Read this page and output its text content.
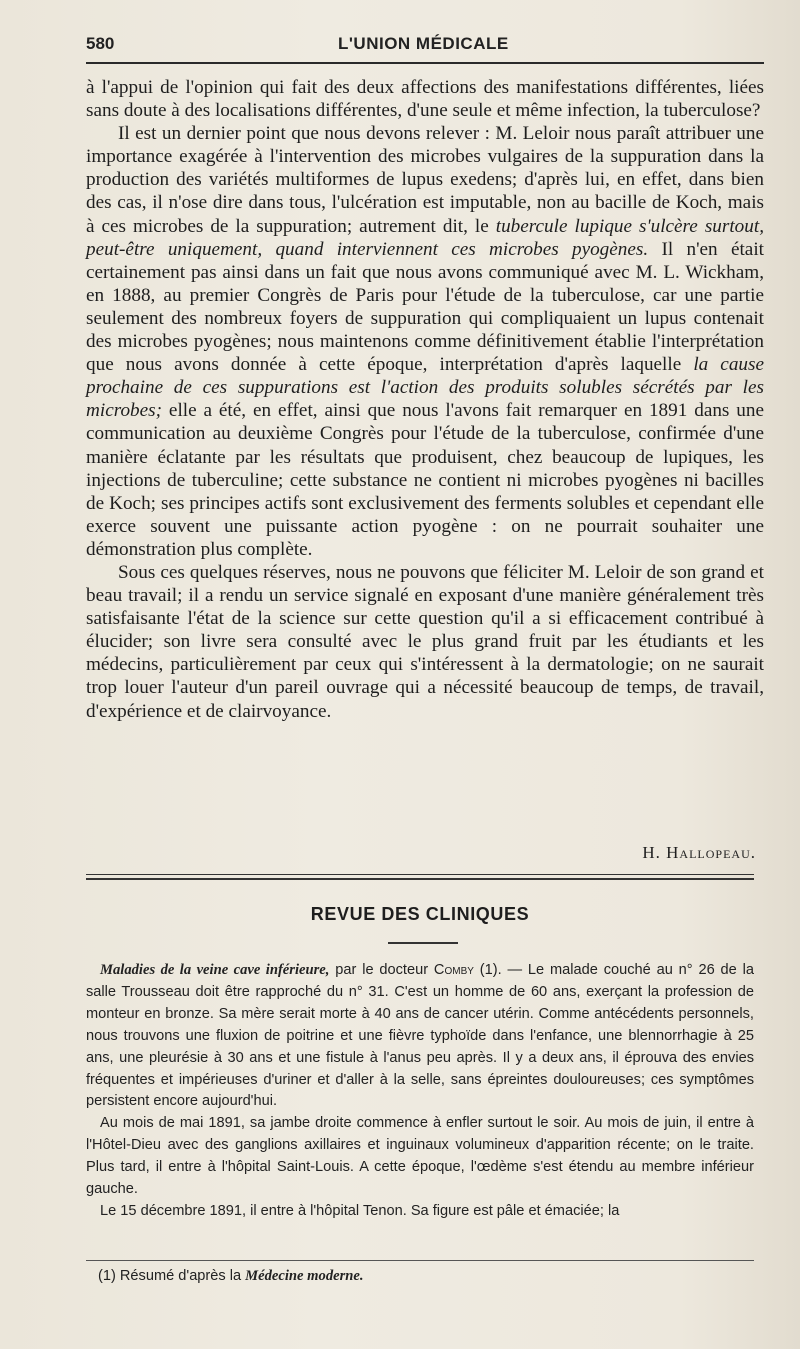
580	L'UNION MÉDICALE

à l'appui de l'opinion qui fait des deux affections des manifestations différentes, liées sans doute à des localisations différentes, d'une seule et même infection, la tuberculose?

Il est un dernier point que nous devons relever : M. Leloir nous paraît attribuer une importance exagérée à l'intervention des microbes vulgaires de la suppuration dans la production des variétés multiformes de lupus exedens; d'après lui, en effet, dans bien des cas, il n'ose dire dans tous, l'ulcération est imputable, non au bacille de Koch, mais à ces microbes de la suppuration; autrement dit, le tubercule lupique s'ulcère surtout, peut-être uniquement, quand interviennent ces microbes pyogènes. Il n'en était certainement pas ainsi dans un fait que nous avons communiqué avec M. L. Wickham, en 1888, au premier Congrès de Paris pour l'étude de la tuberculose, car une partie seulement des nombreux foyers de suppuration qui compliquaient un lupus contenait des microbes pyogènes; nous maintenons comme définitivement établie l'interprétation que nous avons donnée à cette époque, interprétation d'après laquelle la cause prochaine de ces suppurations est l'action des produits solubles sécrétés par les microbes; elle a été, en effet, ainsi que nous l'avons fait remarquer en 1891 dans une communication au deuxième Congrès pour l'étude de la tuberculose, confirmée d'une manière éclatante par les résultats que produisent, chez beaucoup de lupiques, les injections de tuberculine; cette substance ne contient ni microbes pyogènes ni bacilles de Koch; ses principes actifs sont exclusivement des ferments solubles et cependant elle exerce souvent une puissante action pyogène : on ne pourrait souhaiter une démonstration plus complète.

Sous ces quelques réserves, nous ne pouvons que féliciter M. Leloir de son grand et beau travail; il a rendu un service signalé en exposant d'une manière généralement très satisfaisante l'état de la science sur cette question qu'il a si efficacement contribué à élucider; son livre sera consulté avec le plus grand fruit par les étudiants et les médecins, particulièrement par ceux qui s'intéressent à la dermatologie; on ne saurait trop louer l'auteur d'un pareil ouvrage qui a nécessité beaucoup de temps, de travail, d'expérience et de clairvoyance.

H. Hallopeau.
REVUE DES CLINIQUES

Maladies de la veine cave inférieure, par le docteur Comby (1). — Le malade couché au n° 26 de la salle Trousseau doit être rapproché du n° 31. C'est un homme de 60 ans, exerçant la profession de monteur en bronze. Sa mère serait morte à 40 ans de cancer utérin. Comme antécédents personnels, nous trouvons une fluxion de poitrine et une fièvre typhoïde dans l'enfance, une blennorrhagie à 25 ans, une pleurésie à 30 ans et une fistule à l'anus peu après. Il y a deux ans, il éprouva des envies fréquentes et impérieuses d'uriner et d'aller à la selle, sans épreintes douloureuses; ces symptômes persistent encore aujourd'hui.

Au mois de mai 1891, sa jambe droite commence à enfler surtout le soir. Au mois de juin, il entre à l'Hôtel-Dieu avec des ganglions axillaires et inguinaux volumineux d'apparition récente; on le traite. Plus tard, il entre à l'hôpital Saint-Louis. A cette époque, l'œdème s'est étendu au membre inférieur gauche.

Le 15 décembre 1891, il entre à l'hôpital Tenon. Sa figure est pâle et émaciée; la

(1) Résumé d'après la Médecine moderne.
